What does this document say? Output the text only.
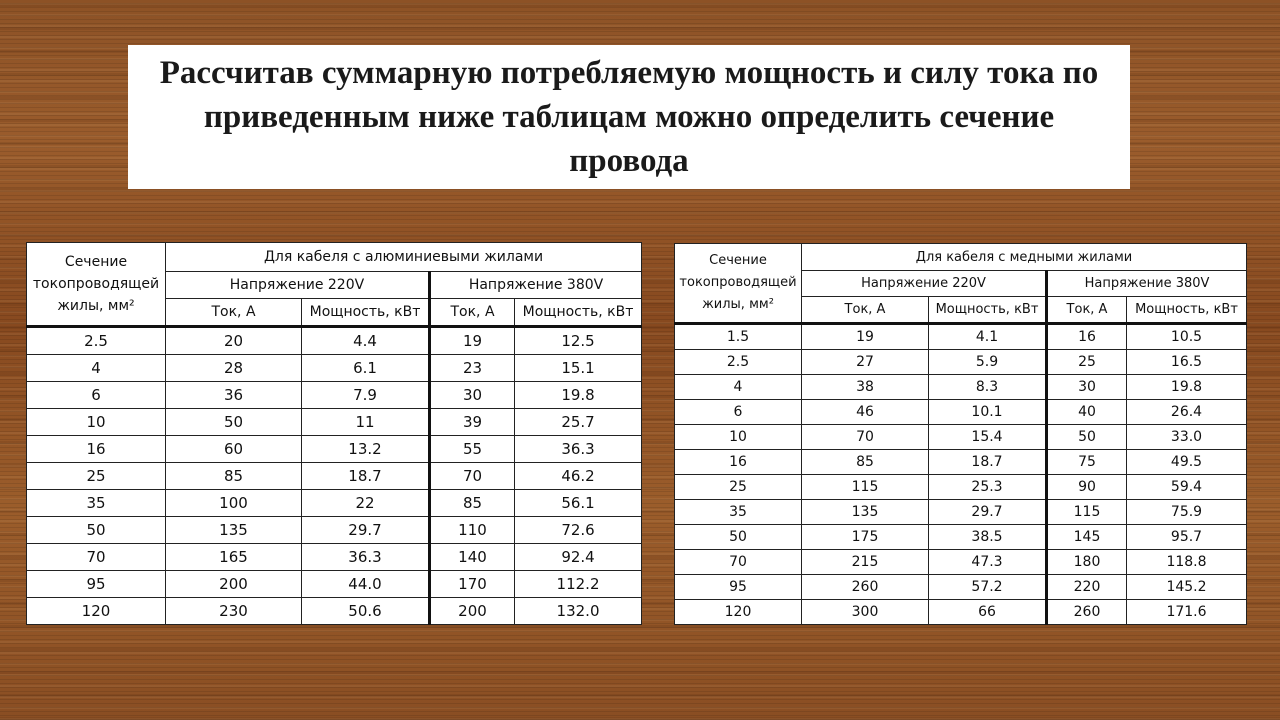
Рассчитав суммарную потребляемую мощность и силу тока по приведенным ниже таблицам можно определить сечение провода

Сечение токопроводящей жилы, мм²	Для кабеля с алюминиевыми жилами			
	Напряжение 220V		Напряжение 380V	
	Ток, А	Мощность, кВт	Ток, А	Мощность, кВт
2.5	20	4.4	19	12.5
4	28	6.1	23	15.1
6	36	7.9	30	19.8
10	50	11	39	25.7
16	60	13.2	55	36.3
25	85	18.7	70	46.2
35	100	22	85	56.1
50	135	29.7	110	72.6
70	165	36.3	140	92.4
95	200	44.0	170	112.2
120	230	50.6	200	132.0
Сечение токопроводящей жилы, мм²	Для кабеля с медными жилами			
	Напряжение 220V		Напряжение 380V	
	Ток, А	Мощность, кВт	Ток, А	Мощность, кВт
1.5	19	4.1	16	10.5
2.5	27	5.9	25	16.5
4	38	8.3	30	19.8
6	46	10.1	40	26.4
10	70	15.4	50	33.0
16	85	18.7	75	49.5
25	115	25.3	90	59.4
35	135	29.7	115	75.9
50	175	38.5	145	95.7
70	215	47.3	180	118.8
95	260	57.2	220	145.2
120	300	66	260	171.6
